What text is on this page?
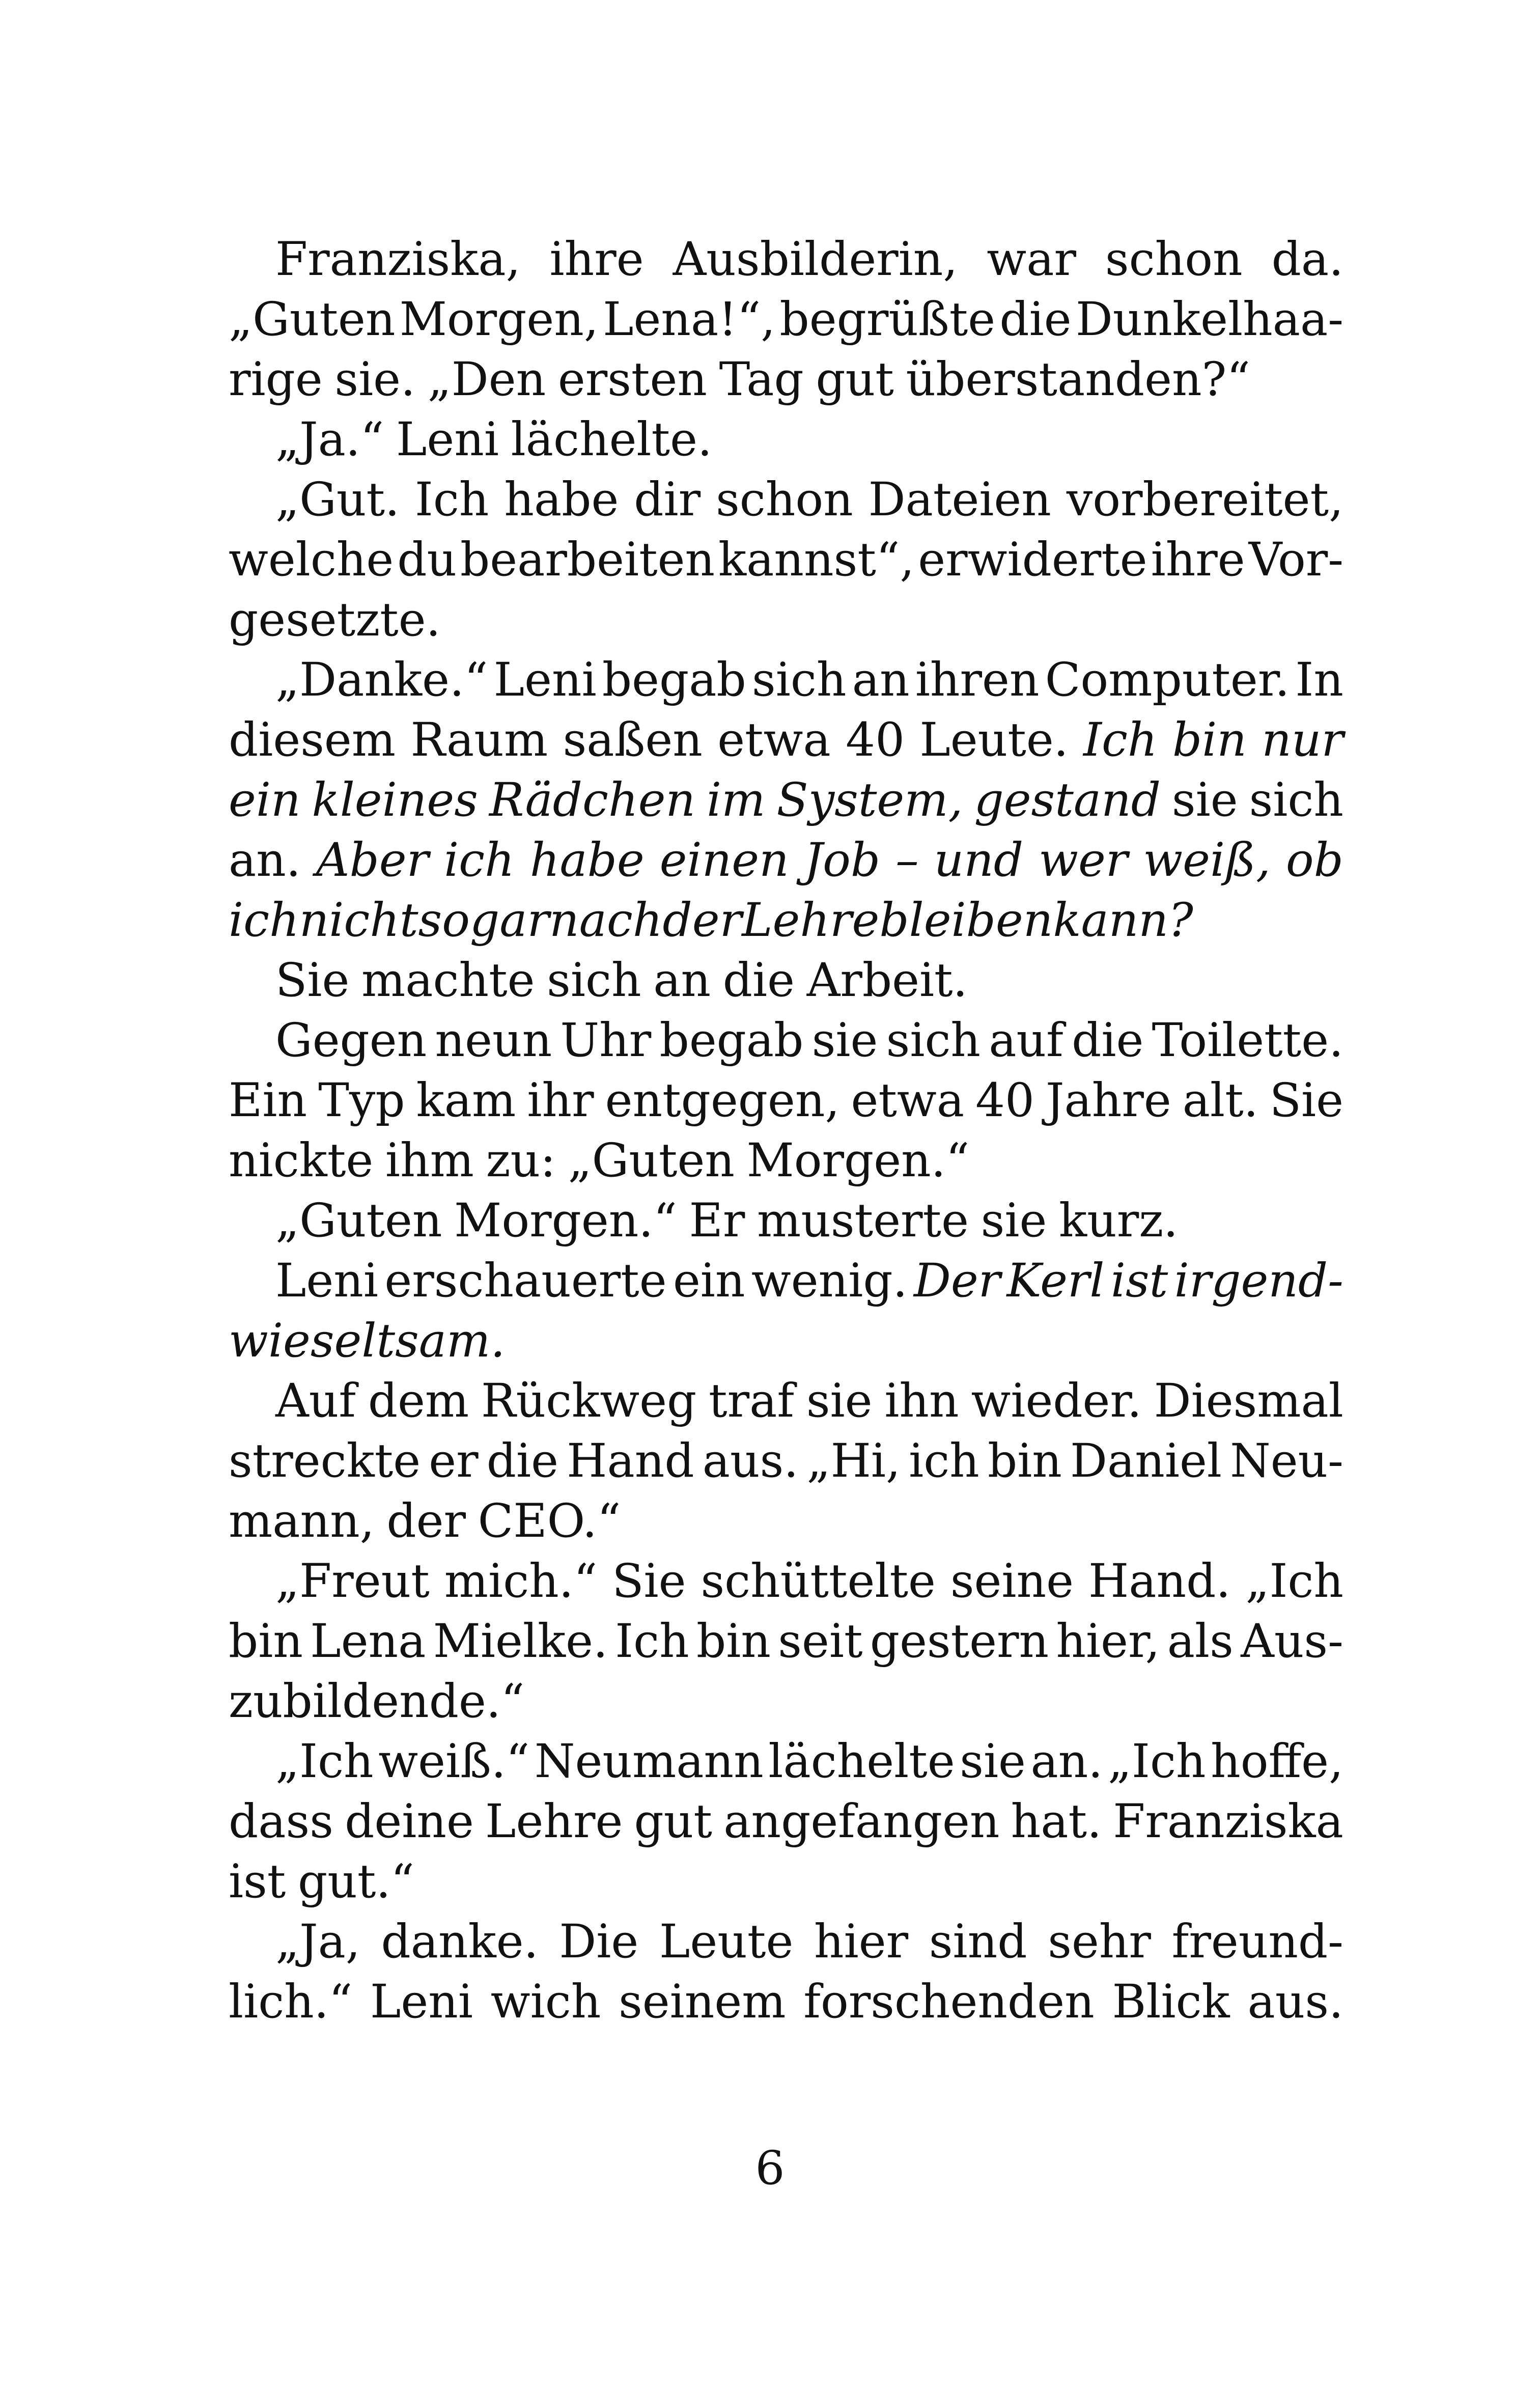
Franziska, ihre Ausbilderin, war schon da.
„Guten Morgen, Lena!“, begrüßte die Dunkelhaa-
rige sie. „Den ersten Tag gut überstanden?“
„Ja.“ Leni lächelte.
„Gut. Ich habe dir schon Dateien vorbereitet,
welche du bearbeiten kannst“, erwiderte ihre Vor-
gesetzte.
„Danke.“ Leni begab sich an ihren Computer. In
diesem Raum saßen etwa 40 Leute. Ich bin nur
ein kleines Rädchen im System, gestand sie sich
an. Aber ich habe einen Job – und wer weiß, ob
ich nicht sogar nach der Lehre bleiben kann?
Sie machte sich an die Arbeit.
Gegen neun Uhr begab sie sich auf die Toilette.
Ein Typ kam ihr entgegen, etwa 40 Jahre alt. Sie
nickte ihm zu: „Guten Morgen.“
„Guten Morgen.“ Er musterte sie kurz.
Leni erschauerte ein wenig. Der Kerl ist irgend-
wie seltsam.
Auf dem Rückweg traf sie ihn wieder. Diesmal
streckte er die Hand aus. „Hi, ich bin Daniel Neu-
mann, der CEO.“
„Freut mich.“ Sie schüttelte seine Hand. „Ich
bin Lena Mielke. Ich bin seit gestern hier, als Aus-
zubildende.“
„Ich weiß.“ Neumann lächelte sie an. „Ich hoffe,
dass deine Lehre gut angefangen hat. Franziska
ist gut.“
„Ja, danke. Die Leute hier sind sehr freund-
lich.“ Leni wich seinem forschenden Blick aus.
6
